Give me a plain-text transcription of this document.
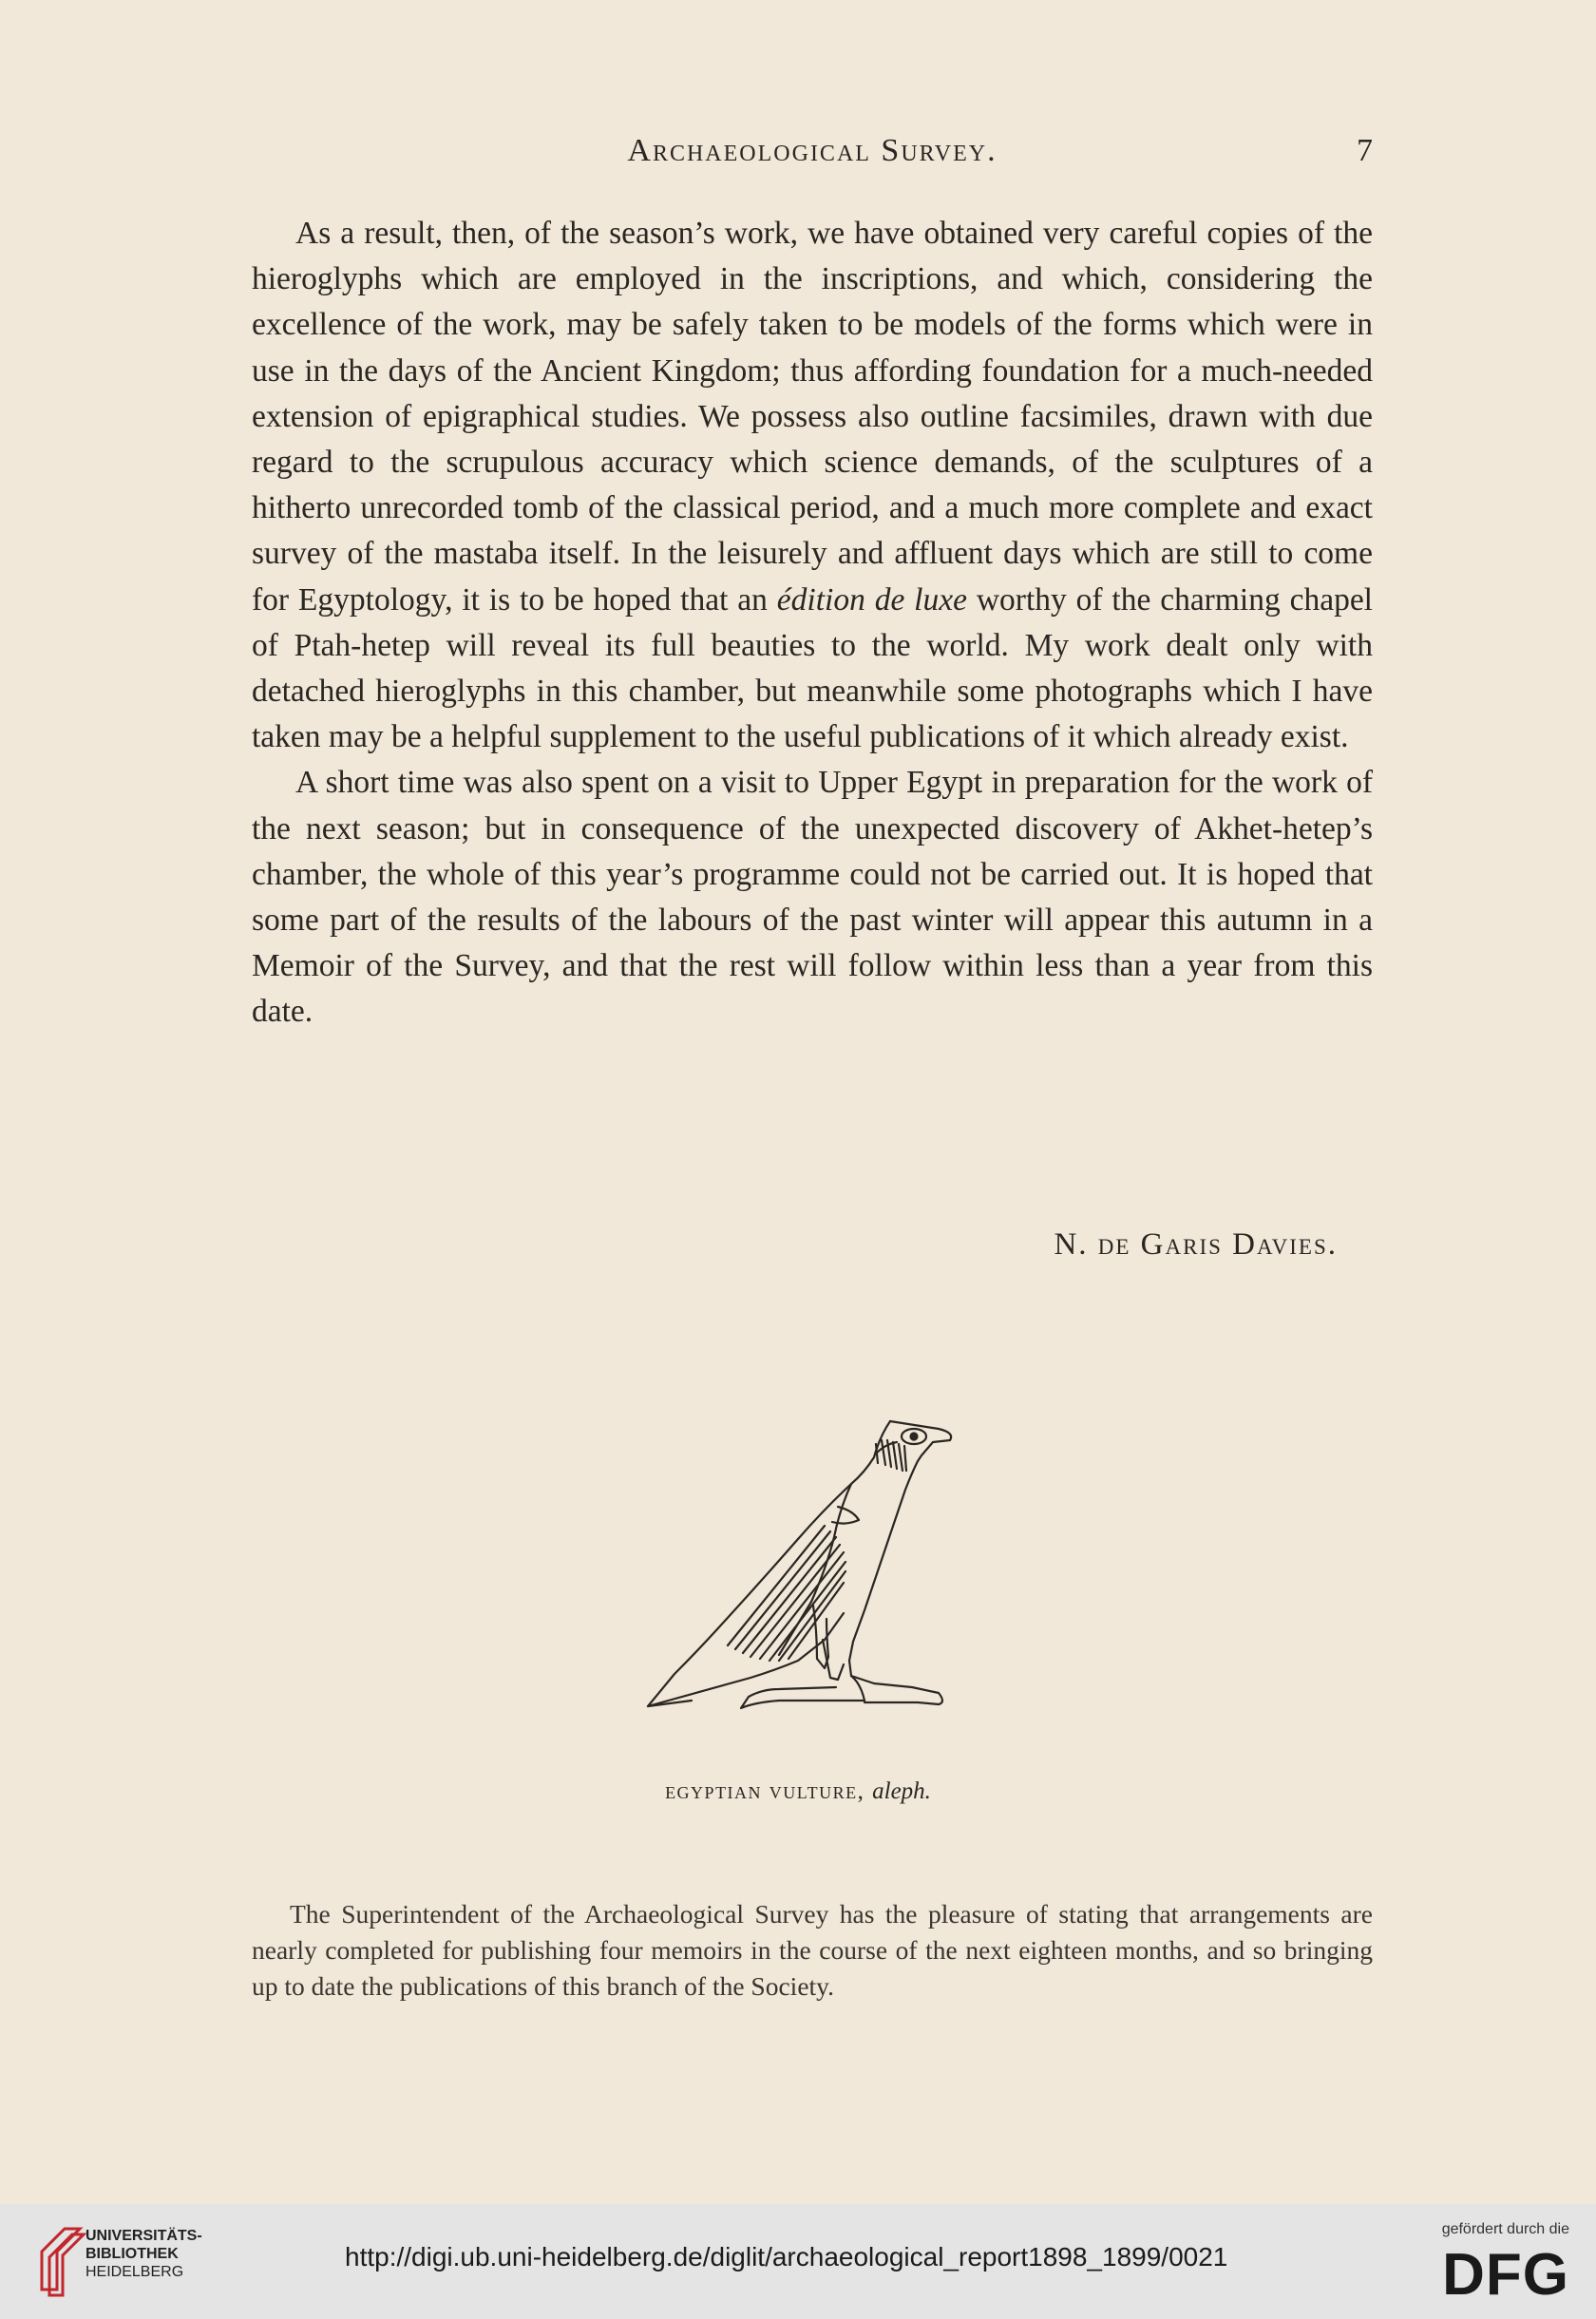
Archaeological Survey.	7

As a result, then, of the season’s work, we have obtained very careful copies of the hieroglyphs which are employed in the inscriptions, and which, considering the excellence of the work, may be safely taken to be models of the forms which were in use in the days of the Ancient Kingdom; thus affording foundation for a much-needed extension of epigraphical studies. We possess also outline facsimiles, drawn with due regard to the scrupulous accuracy which science demands, of the sculptures of a hitherto unrecorded tomb of the classical period, and a much more complete and exact survey of the mastaba itself. In the leisurely and affluent days which are still to come for Egyptology, it is to be hoped that an édition de luxe worthy of the charming chapel of Ptah-hetep will reveal its full beauties to the world. My work dealt only with detached hieroglyphs in this chamber, but meanwhile some photographs which I have taken may be a helpful supplement to the useful publications of it which already exist.

A short time was also spent on a visit to Upper Egypt in preparation for the work of the next season; but in consequence of the unexpected discovery of Akhet-hetep’s chamber, the whole of this year’s programme could not be carried out. It is hoped that some part of the results of the labours of the past winter will appear this autumn in a Memoir of the Survey, and that the rest will follow within less than a year from this date.

N. de Garis Davies.
egyptian vulture, aleph.

The Superintendent of the Archaeological Survey has the pleasure of stating that arrangements are nearly completed for publishing four memoirs in the course of the next eighteen months, and so bringing up to date the publications of this branch of the Society.

UNIVERSITÄTS-
BIBLIOTHEK
HEIDELBERG
http://digi.ub.uni-heidelberg.de/diglit/archaeological_report1898_1899/0021
gefördert durch die
DFG
